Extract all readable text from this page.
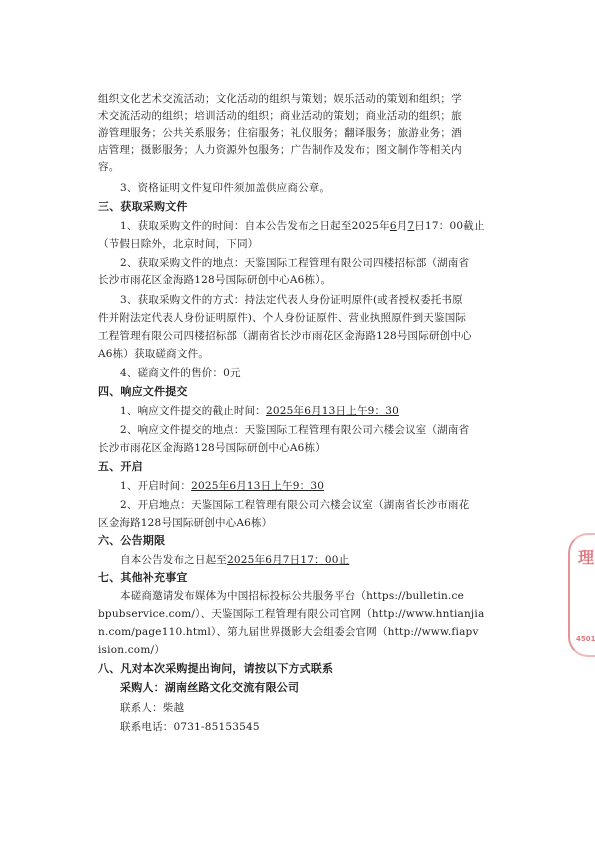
组织文化艺术交流活动；文化活动的组织与策划；娱乐活动的策划和组织；学
术交流活动的组织；培训活动的组织；商业活动的策划；商业活动的组织；旅
游管理服务；公共关系服务；住宿服务；礼仪服务；翻译服务；旅游业务；酒
店管理；摄影服务；人力资源外包服务；广告制作及发布；图文制作等相关内
容。
3、资格证明文件复印件须加盖供应商公章。
三、获取采购文件
1、获取采购文件的时间：自本公告发布之日起至2025年6月7日17：00截止
（节假日除外，北京时间，下同）
2、获取采购文件的地点：天鉴国际工程管理有限公司四楼招标部（湖南省
长沙市雨花区金海路128号国际研创中心A6栋）。
3、获取采购文件的方式：持法定代表人身份证明原件(或者授权委托书原
件并附法定代表人身份证明原件)、个人身份证原件、营业执照原件到天鉴国际
工程管理有限公司四楼招标部（湖南省长沙市雨花区金海路128号国际研创中心
A6栋）获取磋商文件。
4、磋商文件的售价：0元
四、响应文件提交
1、响应文件提交的截止时间：2025年6月13日上午9：30
2、响应文件提交的地点：天鉴国际工程管理有限公司六楼会议室（湖南省
长沙市雨花区金海路128号国际研创中心A6栋）
五、开启
1、开启时间：2025年6月13日上午9：30
2、开启地点：天鉴国际工程管理有限公司六楼会议室（湖南省长沙市雨花
区金海路128号国际研创中心A6栋）
六、公告期限
自本公告发布之日起至2025年6月7日17：00止
七、其他补充事宜
本磋商邀请发布媒体为中国招标投标公共服务平台（https://bulletin.ce
bpubservice.com/）、天鉴国际工程管理有限公司官网（http://www.hntianjia
n.com/page110.html）、第九届世界摄影大会组委会官网（http://www.fiapv
ision.com/）
八、凡对本次采购提出询问，请按以下方式联系
采购人：湖南丝路文化交流有限公司
联系人：柴越
联系电话：0731-85153545
理
4501
